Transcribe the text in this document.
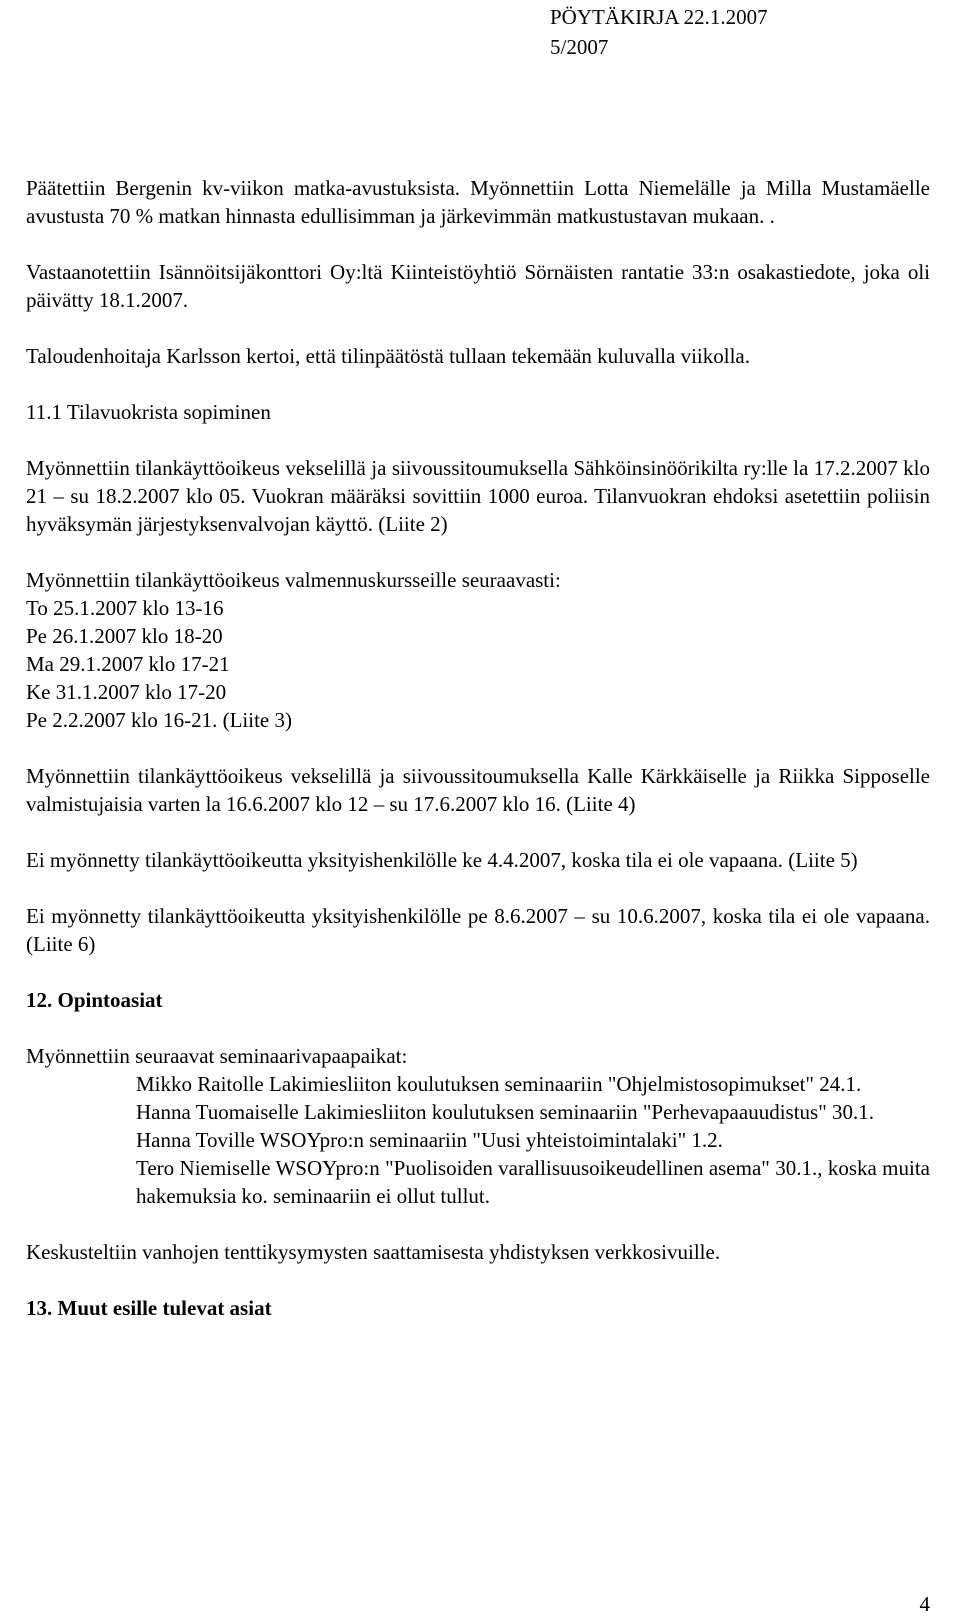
PÖYTÄKIRJA 22.1.2007
5/2007

Päätettiin Bergenin kv-viikon matka-avustuksista. Myönnettiin Lotta Niemelälle ja Milla Mustamäelle avustusta 70 % matkan hinnasta edullisimman ja järkevimmän matkustustavan mukaan. .

Vastaanotettiin Isännöitsijäkonttori Oy:ltä Kiinteistöyhtiö Sörnäisten rantatie 33:n osakastiedote, joka oli päivätty 18.1.2007.

Taloudenhoitaja Karlsson kertoi, että tilinpäätöstä tullaan tekemään kuluvalla viikolla.

11.1 Tilavuokrista sopiminen

Myönnettiin tilankäyttöoikeus vekselillä ja siivoussitoumuksella Sähköinsinöörikilta ry:lle la 17.2.2007 klo 21 – su 18.2.2007 klo 05. Vuokran määräksi sovittiin 1000 euroa. Tilanvuokran ehdoksi asetettiin poliisin hyväksymän järjestyksenvalvojan käyttö. (Liite 2)

Myönnettiin tilankäyttöoikeus valmennuskursseille seuraavasti:
To 25.1.2007 klo 13-16
Pe 26.1.2007 klo 18-20
Ma 29.1.2007 klo 17-21
Ke 31.1.2007 klo 17-20
Pe 2.2.2007 klo 16-21. (Liite 3)

Myönnettiin tilankäyttöoikeus vekselillä ja siivoussitoumuksella Kalle Kärkkäiselle ja Riikka Sipposelle valmistujaisia varten la 16.6.2007 klo 12 – su 17.6.2007 klo 16. (Liite 4)

Ei myönnetty tilankäyttöoikeutta yksityishenkilölle ke 4.4.2007, koska tila ei ole vapaana. (Liite 5)

Ei myönnetty tilankäyttöoikeutta yksityishenkilölle pe 8.6.2007 – su 10.6.2007, koska tila ei ole vapaana. (Liite 6)

12. Opintoasiat
Myönnettiin seuraavat seminaarivapaapaikat:
Mikko Raitolle Lakimiesliiton koulutuksen seminaariin "Ohjelmistosopimukset" 24.1.
Hanna Tuomaiselle Lakimiesliiton koulutuksen seminaariin "Perhevapaauudistus" 30.1.
Hanna Toville WSOYpro:n seminaariin "Uusi yhteistoimintalaki" 1.2.
Tero Niemiselle WSOYpro:n "Puolisoiden varallisuusoikeudellinen asema" 30.1., koska muita hakemuksia ko. seminaariin ei ollut tullut.

Keskusteltiin vanhojen tenttikysymysten saattamisesta yhdistyksen verkkosivuille.

13. Muut esille tulevat asiat
4
